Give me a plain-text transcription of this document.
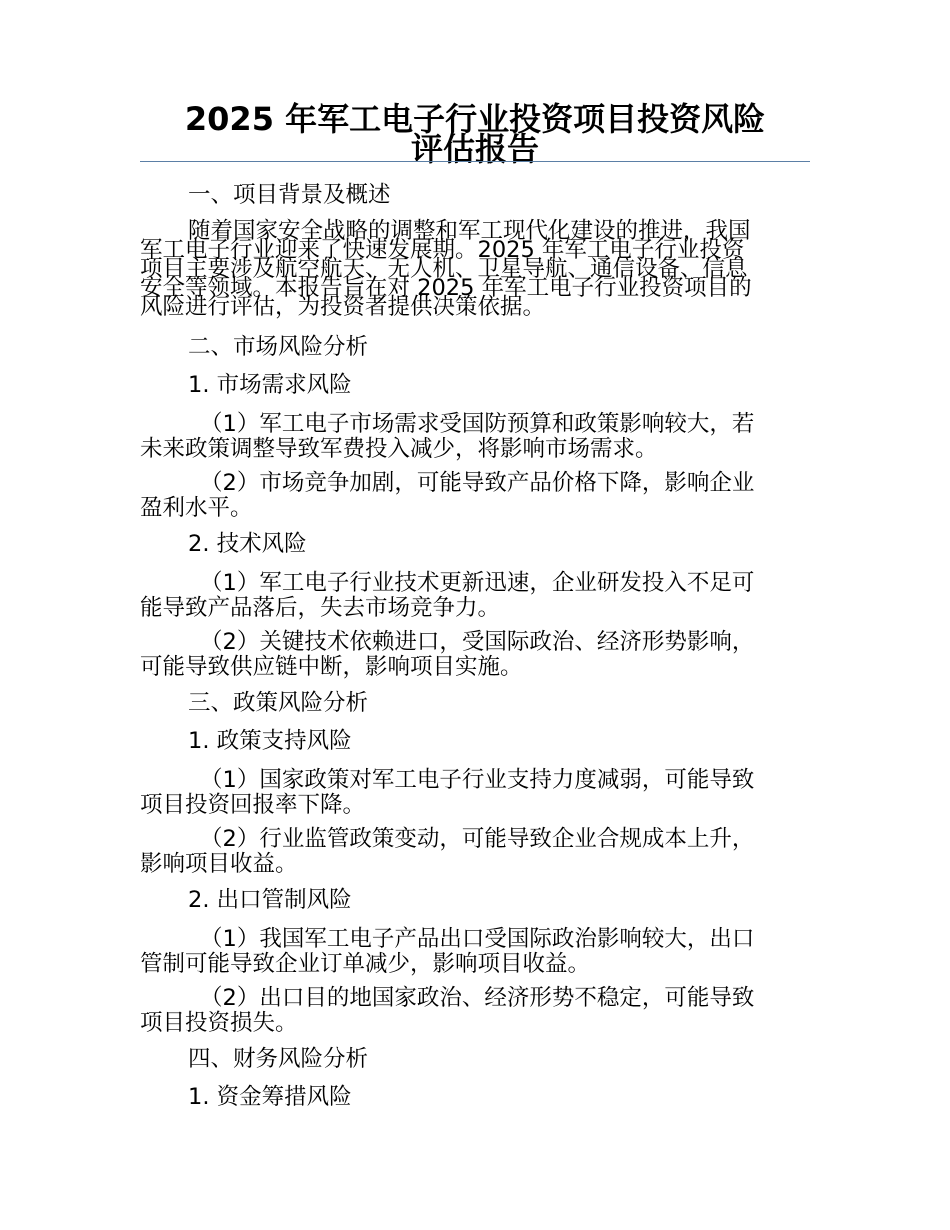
2025 年军工电子行业投资项目投资风险
评估报告
一、项目背景及概述
随着国家安全战略的调整和军工现代化建设的推进，我国
军工电子行业迎来了快速发展期。2025 年军工电子行业投资
项目主要涉及航空航天、无人机、卫星导航、通信设备、信息
安全等领域。本报告旨在对 2025 年军工电子行业投资项目的
风险进行评估，为投资者提供决策依据。
二、市场风险分析
1. 市场需求风险
（1）军工电子市场需求受国防预算和政策影响较大，若
未来政策调整导致军费投入减少，将影响市场需求。
（2）市场竞争加剧，可能导致产品价格下降，影响企业
盈利水平。
2. 技术风险
（1）军工电子行业技术更新迅速，企业研发投入不足可
能导致产品落后，失去市场竞争力。
（2）关键技术依赖进口，受国际政治、经济形势影响，
可能导致供应链中断，影响项目实施。
三、政策风险分析
1. 政策支持风险
（1）国家政策对军工电子行业支持力度减弱，可能导致
项目投资回报率下降。
（2）行业监管政策变动，可能导致企业合规成本上升，
影响项目收益。
2. 出口管制风险
（1）我国军工电子产品出口受国际政治影响较大，出口
管制可能导致企业订单减少，影响项目收益。
（2）出口目的地国家政治、经济形势不稳定，可能导致
项目投资损失。
四、财务风险分析
1. 资金筹措风险
